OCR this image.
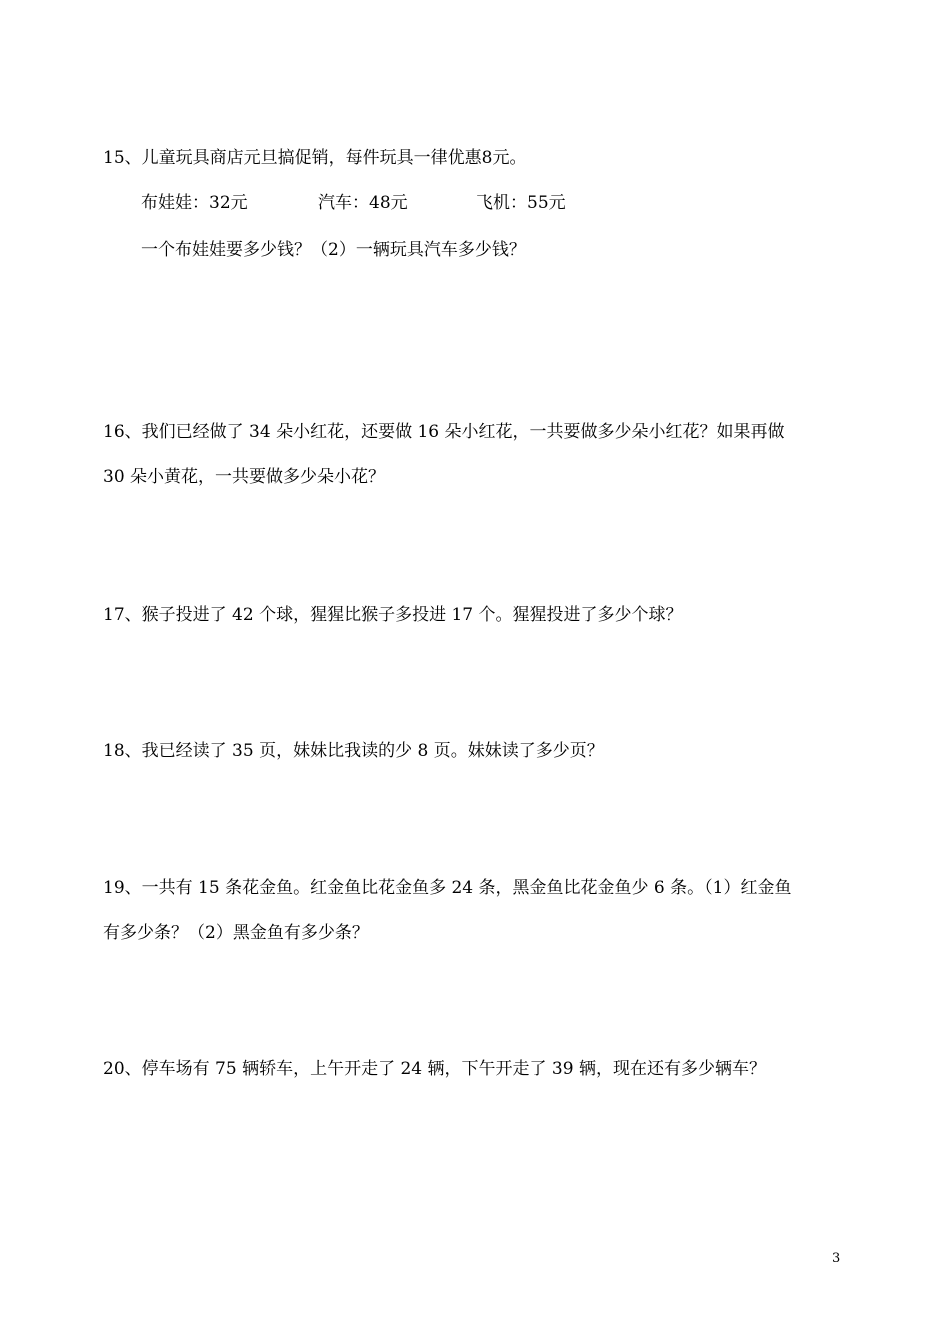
15、儿童玩具商店元旦搞促销，每件玩具一律优惠8元。
布娃娃：32元	汽车：48元	飞机：55元
一个布娃娃要多少钱？（2）一辆玩具汽车多少钱？
16、我们已经做了 34 朵小红花，还要做 16 朵小红花，一共要做多少朵小红花？如果再做
30 朵小黄花，一共要做多少朵小花？
17、猴子投进了 42 个球，猩猩比猴子多投进 17 个。猩猩投进了多少个球？
18、我已经读了 35 页，妹妹比我读的少 8 页。妹妹读了多少页？
19、一共有 15 条花金鱼。红金鱼比花金鱼多 24 条，黑金鱼比花金鱼少 6 条。（1）红金鱼
有多少条？（2）黑金鱼有多少条？
20、停车场有 75 辆轿车，上午开走了 24 辆，下午开走了 39 辆，现在还有多少辆车？
3
